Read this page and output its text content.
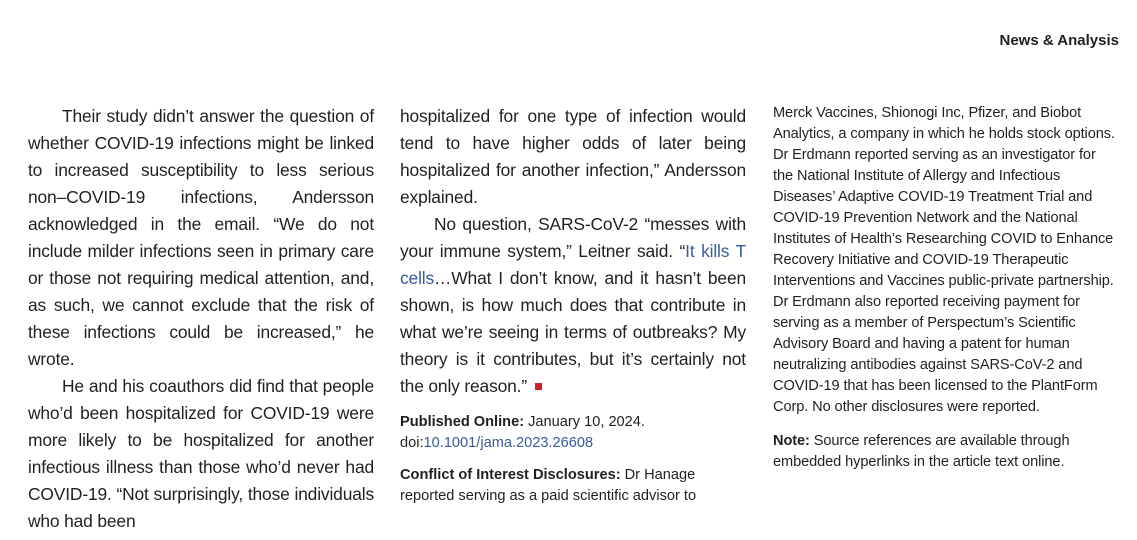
News & Analysis

Their study didn’t answer the question of whether COVID-19 infections might be linked to increased susceptibility to less serious non–COVID-19 infections, Andersson acknowledged in the email. “We do not include milder infections seen in primary care or those not requiring medical attention, and, as such, we cannot exclude that the risk of these infections could be increased,” he wrote.

He and his coauthors did find that people who’d been hospitalized for COVID-19 were more likely to be hospitalized for another infectious illness than those who’d never had COVID-19. “Not surprisingly, those individuals who had been

hospitalized for one type of infection would tend to have higher odds of later being hospitalized for another infection,” Andersson explained.

No question, SARS-CoV-2 “messes with your immune system,” Leitner said. “It kills T cells…What I don’t know, and it hasn’t been shown, is how much does that contribute in what we’re seeing in terms of outbreaks? My theory is it contributes, but it’s certainly not the only reason.”

Published Online: January 10, 2024.
doi:10.1001/jama.2023.26608

Conflict of Interest Disclosures: Dr Hanage reported serving as a paid scientific advisor to

Merck Vaccines, Shionogi Inc, Pfizer, and Biobot Analytics, a company in which he holds stock options. Dr Erdmann reported serving as an investigator for the National Institute of Allergy and Infectious Diseases’ Adaptive COVID-19 Treatment Trial and COVID-19 Prevention Network and the National Institutes of Health’s Researching COVID to Enhance Recovery Initiative and COVID-19 Therapeutic Interventions and Vaccines public-private partnership. Dr Erdmann also reported receiving payment for serving as a member of Perspectum’s Scientific Advisory Board and having a patent for human neutralizing antibodies against SARS-CoV-2 and COVID-19 that has been licensed to the PlantForm Corp. No other disclosures were reported.

Note: Source references are available through embedded hyperlinks in the article text online.
